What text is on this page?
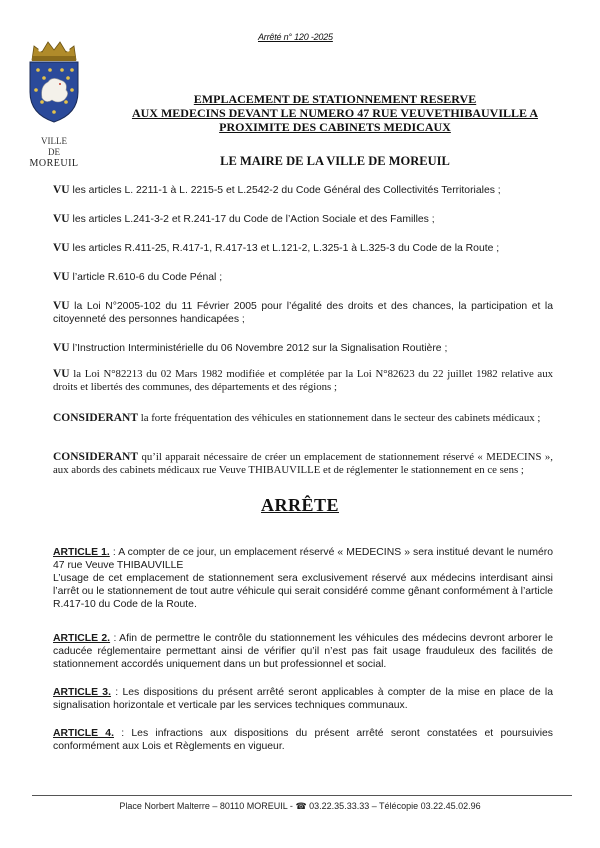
Arrêté n° 120 -2025
VILLE
DE
MOREUIL
EMPLACEMENT DE STATIONNEMENT RESERVE
AUX MEDECINS DEVANT LE NUMERO 47 RUE VEUVETHIBAUVILLE A
PROXIMITE DES CABINETS MEDICAUX
LE MAIRE DE LA VILLE DE MOREUIL
VU les articles L. 2211-1 à L. 2215-5 et L.2542-2 du Code Général des Collectivités Territoriales ;
VU les articles L.241-3-2 et R.241-17 du Code de l’Action Sociale et des Familles ;
VU les articles R.411-25, R.417-1, R.417-13 et L.121-2, L.325-1 à L.325-3 du Code de la Route ;
VU l’article R.610-6 du Code Pénal ;
VU la Loi N°2005-102 du 11 Février 2005 pour l’égalité des droits et des chances, la participation et la citoyenneté des personnes handicapées ;
VU l’Instruction Interministérielle du 06 Novembre 2012 sur la Signalisation Routière ;
VU la Loi N°82213 du 02 Mars 1982 modifiée et complétée par la Loi N°82623 du 22 juillet 1982 relative aux droits et libertés des communes, des départements et des régions ;
CONSIDERANT la forte fréquentation des véhicules en stationnement dans le secteur des cabinets médicaux ;
CONSIDERANT qu’il apparait nécessaire de créer un emplacement de stationnement réservé « MEDECINS », aux abords des cabinets médicaux rue Veuve THIBAUVILLE et de réglementer le stationnement en ce sens ;
ARRÊTE
ARTICLE 1. : A compter de ce jour, un emplacement réservé « MEDECINS » sera institué devant le numéro 47 rue Veuve THIBAUVILLE
L’usage de cet emplacement de stationnement sera exclusivement réservé aux médecins interdisant ainsi l’arrêt ou le stationnement de tout autre véhicule qui serait considéré comme gênant conformément à l’article R.417-10 du Code de la Route.
ARTICLE 2. : Afin de permettre le contrôle du stationnement les véhicules des médecins devront arborer le caducée réglementaire permettant ainsi de vérifier qu’il n’est pas fait usage frauduleux des facilités de stationnement accordés uniquement dans un but professionnel et social.
ARTICLE 3. : Les dispositions du présent arrêté seront applicables à compter de la mise en place de la signalisation horizontale et verticale par les services techniques communaux.
ARTICLE 4. : Les infractions aux dispositions du présent arrêté seront constatées et poursuivies conformément aux Lois et Règlements en vigueur.
Place Norbert Malterre – 80110 MOREUIL - ☎ 03.22.35.33.33 – Télécopie 03.22.45.02.96
